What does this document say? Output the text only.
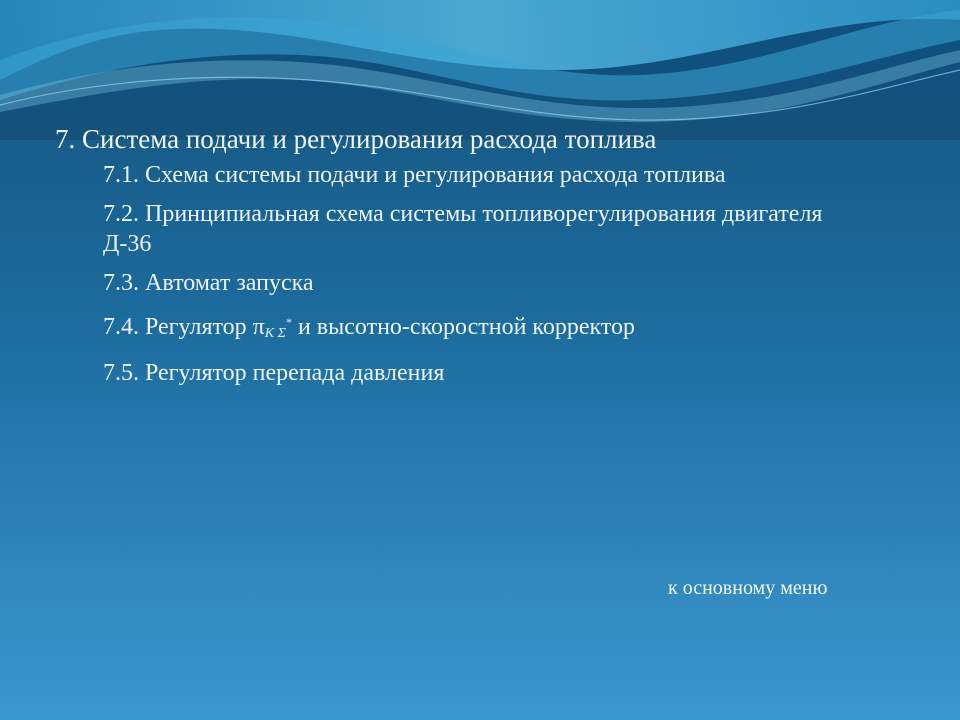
7. Система подачи и регулирования расхода топлива
7.1. Схема системы подачи и регулирования расхода топлива
7.2. Принципиальная схема системы топливорегулирования двигателя Д-36
7.3. Автомат запуска
7.4. Регулятор πK Σ* и высотно-скоростной корректор
7.5. Регулятор перепада давления
к основному меню
